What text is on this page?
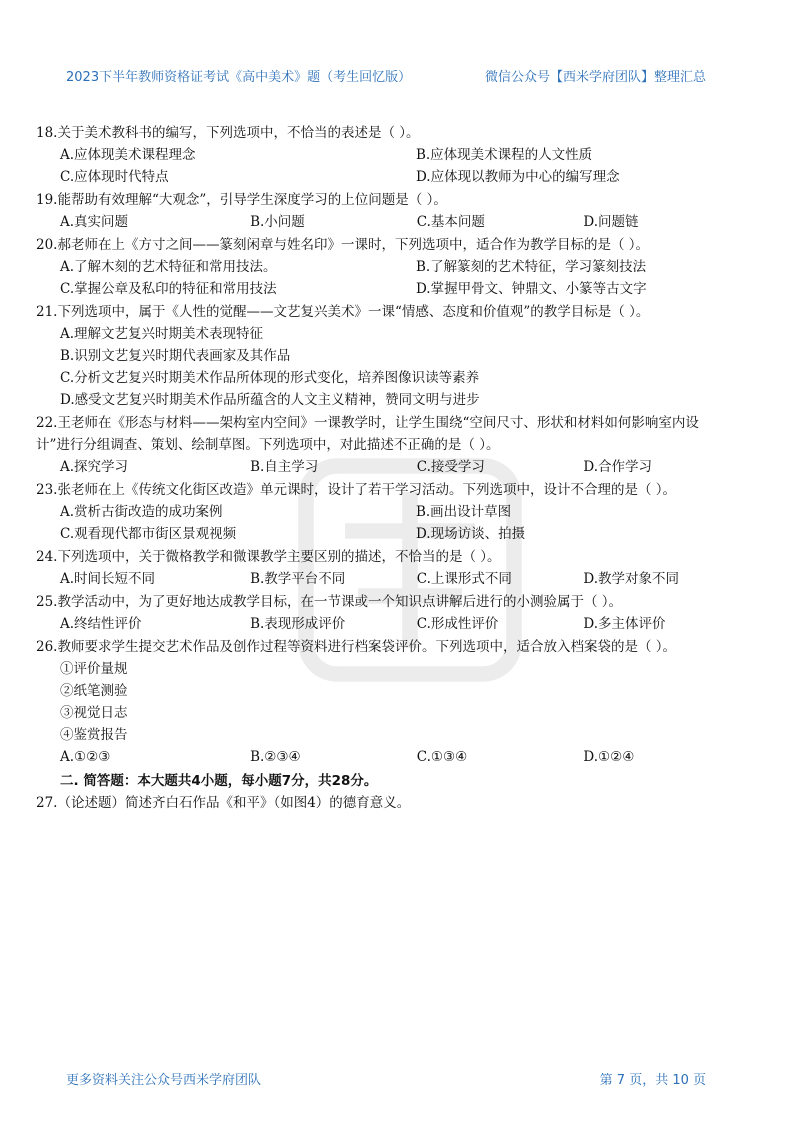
2023下半年教师资格证考试《高中美术》题（考生回忆版）	微信公众号【西米学府团队】整理汇总
18.关于美术教科书的编写，下列选项中，不恰当的表述是（ ）。
A.应体现美术课程理念	B.应体现美术课程的人文性质
C.应体现时代特点	D.应体现以教师为中心的编写理念
19.能帮助有效理解“大观念”，引导学生深度学习的上位问题是（ ）。
A.真实问题	B.小问题	C.基本问题	D.问题链
20.郝老师在上《方寸之间——篆刻闲章与姓名印》一课时，下列选项中，适合作为教学目标的是（ ）。
A.了解木刻的艺术特征和常用技法。	B.了解篆刻的艺术特征，学习篆刻技法
C.掌握公章及私印的特征和常用技法	D.掌握甲骨文、钟鼎文、小篆等古文字
21.下列选项中，属于《人性的觉醒——文艺复兴美术》一课“情感、态度和价值观”的教学目标是（ ）。
A.理解文艺复兴时期美术表现特征
B.识别文艺复兴时期代表画家及其作品
C.分析文艺复兴时期美术作品所体现的形式变化，培养图像识读等素养
D.感受文艺复兴时期美术作品所蕴含的人文主义精神，赞同文明与进步
22.王老师在《形态与材料——架构室内空间》一课教学时，让学生围绕“空间尺寸、形状和材料如何影响室内设计”进行分组调查、策划、绘制草图。下列选项中，对此描述不正确的是（ ）。
A.探究学习	B.自主学习	C.接受学习	D.合作学习
23.张老师在上《传统文化街区改造》单元课时，设计了若干学习活动。下列选项中，设计不合理的是（ ）。
A.赏析古街改造的成功案例	B.画出设计草图
C.观看现代都市街区景观视频	D.现场访谈、拍摄
24.下列选项中，关于微格教学和微课教学主要区别的描述，不恰当的是（ ）。
A.时间长短不同	B.教学平台不同	C.上课形式不同	D.教学对象不同
25.教学活动中，为了更好地达成教学目标，在一节课或一个知识点讲解后进行的小测验属于（ ）。
A.终结性评价	B.表现形成评价	C.形成性评价	D.多主体评价
26.教师要求学生提交艺术作品及创作过程等资料进行档案袋评价。下列选项中，适合放入档案袋的是（ ）。
①评价量规
②纸笔测验
③视觉日志
④鉴赏报告
A.①②③	B.②③④	C.①③④	D.①②④
二. 简答题：本大题共4小题，每小题7分，共28分。
27.（论述题）简述齐白石作品《和平》（如图4）的德育意义。
更多资料关注公众号西米学府团队	第 7 页，共 10 页
